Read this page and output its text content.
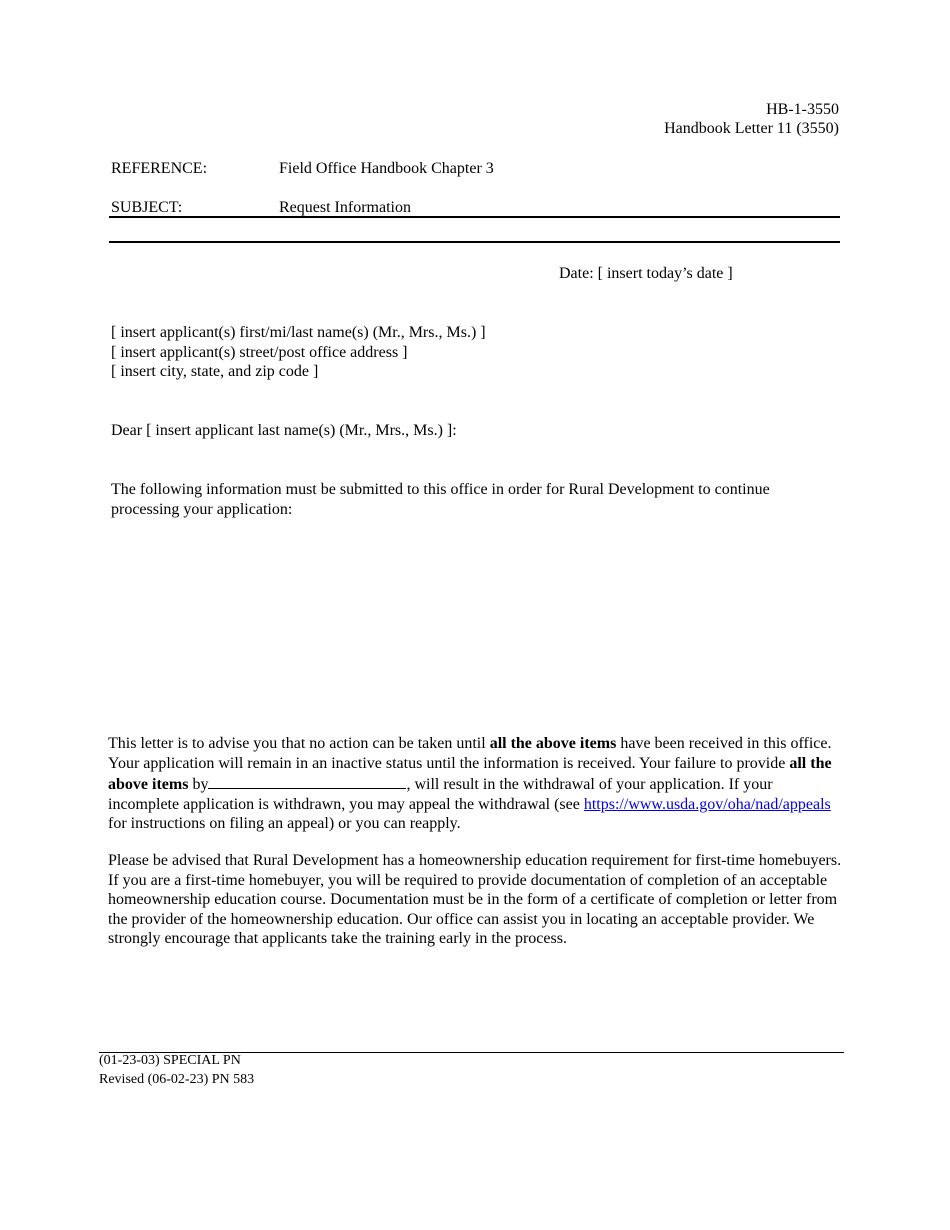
HB-1-3550
Handbook Letter 11 (3550)
REFERENCE:	Field Office Handbook Chapter 3
SUBJECT:	Request Information
Date: [ insert today’s date ]
[ insert applicant(s) first/mi/last name(s) (Mr., Mrs., Ms.) ]
[ insert applicant(s) street/post office address ]
[ insert city, state, and zip code ]
Dear [ insert applicant last name(s) (Mr., Mrs., Ms.) ]:
The following information must be submitted to this office in order for Rural Development to continue processing your application:
This letter is to advise you that no action can be taken until all the above items have been received in this office. Your application will remain in an inactive status until the information is received. Your failure to provide all the above items by	, will result in the withdrawal of your application. If your incomplete application is withdrawn, you may appeal the withdrawal (see https://www.usda.gov/oha/nad/appeals for instructions on filing an appeal) or you can reapply.
Please be advised that Rural Development has a homeownership education requirement for first-time homebuyers. If you are a first-time homebuyer, you will be required to provide documentation of completion of an acceptable homeownership education course. Documentation must be in the form of a certificate of completion or letter from the provider of the homeownership education. Our office can assist you in locating an acceptable provider. We strongly encourage that applicants take the training early in the process.
(01-23-03) SPECIAL PN
Revised (06-02-23) PN 583
